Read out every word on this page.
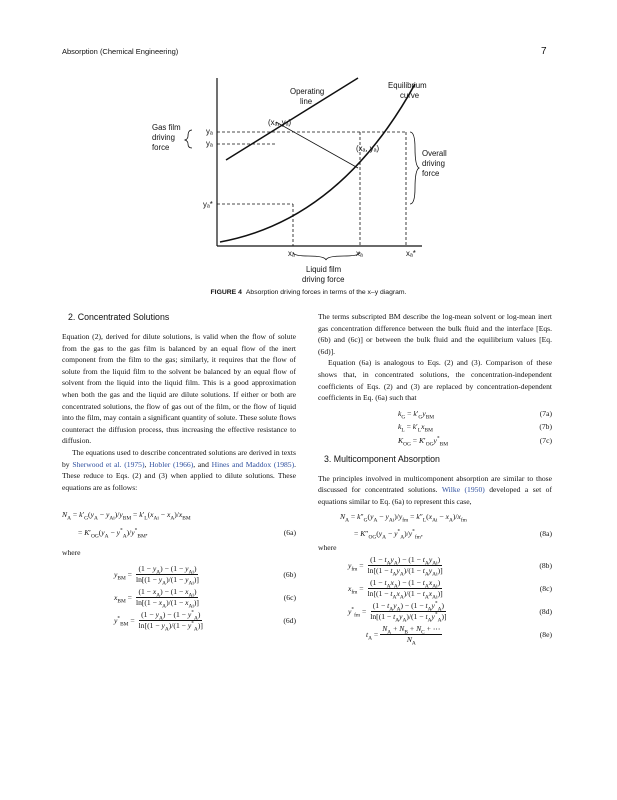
Absorption (Chemical Engineering)	7
Operating
line
Equilibrium
curve
(xₐ, yₐ)
(xₐ, yₐ)
Gas film
driving
force
Overall
driving
force
yₐ
yₐ
yₐ*
xₐ	xₐ	xₐ*
Liquid film
driving force
FIGURE 4 Absorption driving forces in terms of the x–y diagram.
2. Concentrated Solutions

Equation (2), derived for dilute solutions, is valid when the flow of solute from the gas to the gas film is balanced by an equal flow of the inert component from the film to the gas; similarly, it requires that the flow of solute from the liquid film to the solvent be balanced by an equal flow of solvent from the liquid into the liquid film. This is a good approximation when both the gas and the liquid are dilute solutions. If either or both are concentrated solutions, the flow of gas out of the film, or the flow of liquid into the film, may contain a significant quantity of solute. These solute flows counteract the diffusion process, thus increasing the effective resistance to diffusion.

The equations used to describe concentrated solutions are derived in texts by Sherwood et al. (1975), Hobler (1966), and Hines and Maddox (1985). These reduce to Eqs. (2) and (3) when applied to dilute solutions. These equations are as follows:

$N_A = k'_G(y_A - y_{Ai})/y_{BM} = k'_L(x_{Ai} - x_A)/x_{BM}$
= $K'_{OG}(y_A - y^*_A)/y^*_{BM}$,	(6a)

where

$y_{BM} = \frac{(1 - y_A) - (1 - y_{Ai})}{\ln[(1 - y_A)/(1 - y_{Ai})]}$	(6b)
$x_{BM} = \frac{(1 - x_A) - (1 - x_{Ai})}{\ln[(1 - x_A)/(1 - x_{Ai})]}$	(6c)
$y^*_{BM} = \frac{(1 - y_A) - (1 - y^*_A)}{\ln[(1 - y_A)/(1 - y^*_A)]}$	(6d)

The terms subscripted BM describe the log-mean solvent or log-mean inert gas concentration difference between the bulk fluid and the interface [Eqs. (6b) and (6c)] or between the bulk fluid and the equilibrium values [Eq. (6d)].

Equation (6a) is analogous to Eqs. (2) and (3). Comparison of these shows that, in concentrated solutions, the concentration-independent coefficients of Eqs. (2) and (3) are replaced by concentration-dependent coefficients in Eq. (6a) such that

$k_G = k'_Gy_{BM}$	(7a)
$k_L = k'_Lx_{BM}$	(7b)
$K_{OG} = K'_{OG}y^*_{BM}$	(7c)
3. Multicomponent Absorption

The principles involved in multicomponent absorption are similar to those discussed for concentrated solutions. Wilke (1950) developed a set of equations similar to Eq. (6a) to represent this case,

$N_A = k''_G(y_A - y_{Ai})/y_{fm} = k''_L(x_{Ai} - x_A)/x_{fm}$
= $K''_{OG}(y_A - y^*_A)/y^*_{fm}$,	(8a)

where

$y_{fm} = \frac{(1 - t_Ay_A) - (1 - t_Ay_{Ai})}{\ln[(1 - t_Ay_A)/(1 - t_Ay_{Ai})]}$	(8b)
$x_{fm} = \frac{(1 - t_Ax_A) - (1 - t_Ax_{Ai})}{\ln[(1 - t_Ax_A)/(1 - t_Ax_{Ai})]}$	(8c)
$y^*_{fm} = \frac{(1 - t_Ay_A) - (1 - t_Ay^*_A)}{\ln[(1 - t_Ay_A)/(1 - t_Ay^*_A)]}$	(8d)
$t_A = \frac{N_A + N_B + N_C + \cdots}{N_A}$	(8e)
